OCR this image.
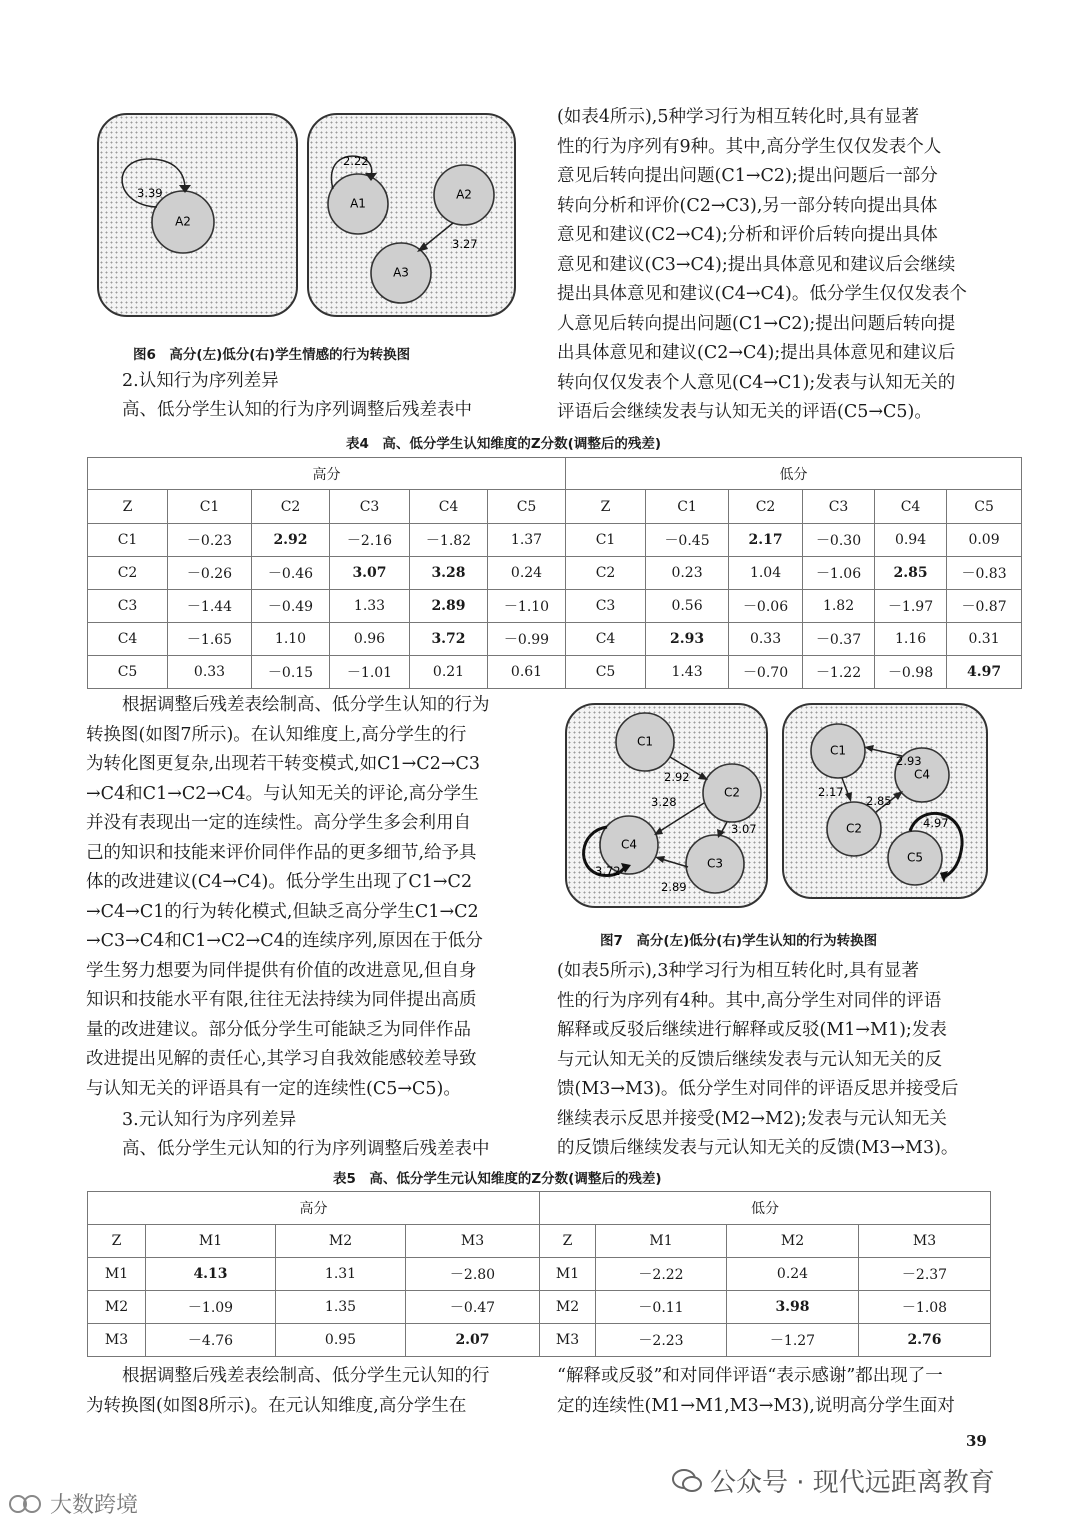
A2
3.39
A1
A2
A3
2.22
3.27
图6　高分(左)低分(右)学生情感的行为转换图
2.认知行为序列差异
高、低分学生认知的行为序列调整后残差表中
(如表4所示),5种学习行为相互转化时,具有显著
性的行为序列有9种。其中,高分学生仅仅发表个人
意见后转向提出问题(C1→C2);提出问题后一部分
转向分析和评价(C2→C3),另一部分转向提出具体
意见和建议(C2→C4);分析和评价后转向提出具体
意见和建议(C3→C4);提出具体意见和建议后会继续
提出具体意见和建议(C4→C4)。低分学生仅仅发表个
人意见后转向提出问题(C1→C2);提出问题后转向提
出具体意见和建议(C2→C4);提出具体意见和建议后
转向仅仅发表个人意见(C4→C1);发表与认知无关的
评语后会继续发表与认知无关的评语(C5→C5)。
表4　高、低分学生认知维度的Z分数(调整后的残差)
高分						低分					
Z	C1	C2	C3	C4	C5	Z	C1	C2	C3	C4	C5
C1	－0.23	2.92	－2.16	－1.82	1.37	C1	－0.45	2.17	－0.30	0.94	0.09
C2	－0.26	－0.46	3.07	3.28	0.24	C2	0.23	1.04	－1.06	2.85	－0.83
C3	－1.44	－0.49	1.33	2.89	－1.10	C3	0.56	－0.06	1.82	－1.97	－0.87
C4	－1.65	1.10	0.96	3.72	－0.99	C4	2.93	0.33	－0.37	1.16	0.31
C5	0.33	－0.15	－1.01	0.21	0.61	C5	1.43	－0.70	－1.22	－0.98	4.97
根据调整后残差表绘制高、低分学生认知的行为
转换图(如图7所示)。在认知维度上,高分学生的行
为转化图更复杂,出现若干转变模式,如C1→C2→C3
→C4和C1→C2→C4。与认知无关的评论,高分学生
并没有表现出一定的连续性。高分学生多会利用自
己的知识和技能来评价同伴作品的更多细节,给予具
体的改进建议(C4→C4)。低分学生出现了C1→C2
→C4→C1的行为转化模式,但缺乏高分学生C1→C2
→C3→C4和C1→C2→C4的连续序列,原因在于低分
学生努力想要为同伴提供有价值的改进意见,但自身
知识和技能水平有限,往往无法持续为同伴提出高质
量的改进建议。部分低分学生可能缺乏为同伴作品
改进提出见解的责任心,其学习自我效能感较差导致
与认知无关的评语具有一定的连续性(C5→C5)。
3.元认知行为序列差异
高、低分学生元认知的行为序列调整后残差表中
C1
C2
C3
C4
2.92
3.28
3.07
2.89
3.72
C1
C2
C4
C5
2.93
2.17
2.85
4.97
图7　高分(左)低分(右)学生认知的行为转换图
(如表5所示),3种学习行为相互转化时,具有显著
性的行为序列有4种。其中,高分学生对同伴的评语
解释或反驳后继续进行解释或反驳(M1→M1);发表
与元认知无关的反馈后继续发表与元认知无关的反
馈(M3→M3)。低分学生对同伴的评语反思并接受后
继续表示反思并接受(M2→M2);发表与元认知无关
的反馈后继续发表与元认知无关的反馈(M3→M3)。
表5　高、低分学生元认知维度的Z分数(调整后的残差)
高分				低分			
Z	M1	M2	M3	Z	M1	M2	M3
M1	4.13	1.31	－2.80	M1	－2.22	0.24	－2.37
M2	－1.09	1.35	－0.47	M2	－0.11	3.98	－1.08
M3	－4.76	0.95	2.07	M3	－2.23	－1.27	2.76
根据调整后残差表绘制高、低分学生元认知的行
为转换图(如图8所示)。在元认知维度,高分学生在
“解释或反驳”和对同伴评语“表示感谢”都出现了一
定的连续性(M1→M1,M3→M3),说明高分学生面对
39
公众号 · 现代远距离教育
大数跨境
